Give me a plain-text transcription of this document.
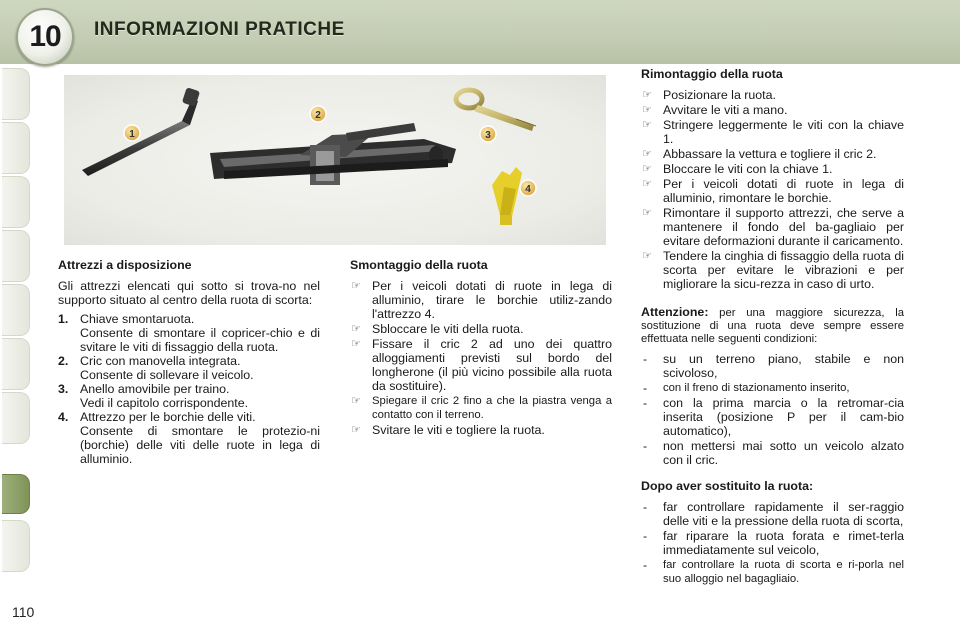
10	INFORMAZIONI PRATICHE
1
2
3
4
Attrezzi a disposizione
Gli attrezzi elencati qui sotto si trova-no nel supporto situato al centro della ruota di scorta:
1. Chiave smontaruota.
Consente di smontare il copricer-chio e di svitare le viti di fissaggio della ruota.
2. Cric con manovella integrata.
Consente di sollevare il veicolo.
3. Anello amovibile per traino.
Vedi il capitolo corrispondente.
4. Attrezzo per le borchie delle viti.
Consente di smontare le protezio-ni (borchie) delle viti delle ruote in lega di alluminio.
Smontaggio della ruota
☞ Per i veicoli dotati di ruote in lega di alluminio, tirare le borchie utiliz-zando l'attrezzo 4.
☞ Sbloccare le viti della ruota.
☞ Fissare il cric 2 ad uno dei quattro alloggiamenti previsti sul bordo del longherone (il più vicino possibile alla ruota da sostituire).
☞ Spiegare il cric 2 fino a che la piastra venga a contatto con il terreno.
☞ Svitare le viti e togliere la ruota.
Rimontaggio della ruota
☞ Posizionare la ruota.
☞ Avvitare le viti a mano.
☞ Stringere leggermente le viti con la chiave 1.
☞ Abbassare la vettura e togliere il cric 2.
☞ Bloccare le viti con la chiave 1.
☞ Per i veicoli dotati di ruote in lega di alluminio, rimontare le borchie.
☞ Rimontare il supporto attrezzi, che serve a mantenere il fondo del ba-gagliaio per evitare deformazioni durante il caricamento.
☞ Tendere la cinghia di fissaggio della ruota di scorta per evitare le vibrazioni e per migliorare la sicu-rezza in caso di urto.
Attenzione: per una maggiore sicurezza, la sostituzione di una ruota deve sempre essere effettuata nelle seguenti condizioni:
-	su un terreno piano, stabile e non scivoloso,
-	con il freno di stazionamento inserito,
-	con la prima marcia o la retromar-cia inserita (posizione P per il cam-bio automatico),
-	non mettersi mai sotto un veicolo alzato con il cric.
Dopo aver sostituito la ruota:
-	far controllare rapidamente il ser-raggio delle viti e la pressione della ruota di scorta,
-	far riparare la ruota forata e rimet-terla immediatamente sul veicolo,
-	far controllare la ruota di scorta e ri-porla nel suo alloggio nel bagagliaio.
110
